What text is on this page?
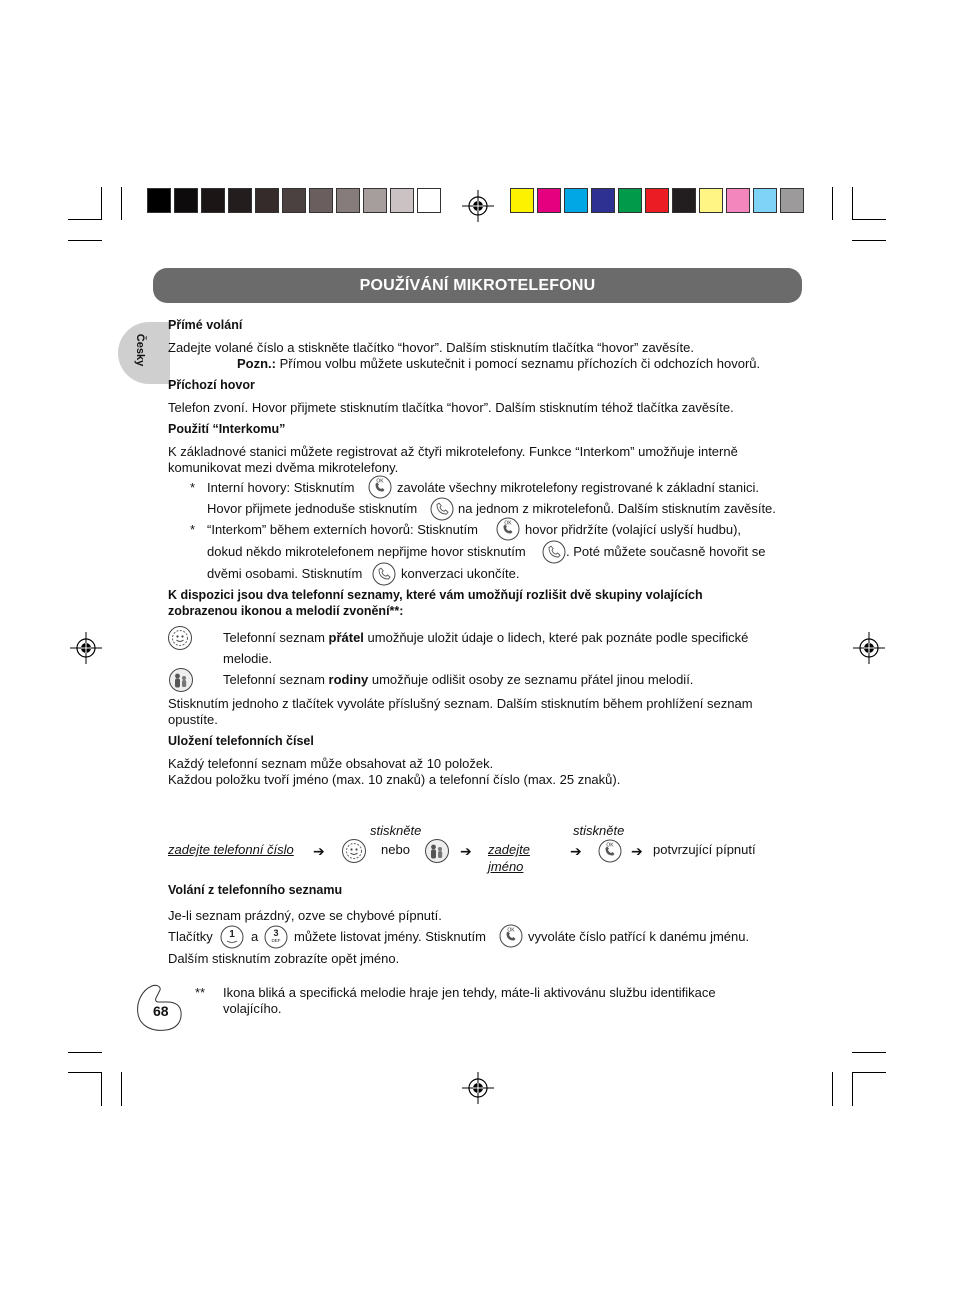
POUŽÍVÁNÍ MIKROTELEFONU
Česky
Přímé volání
Zadejte volané číslo a stiskněte tlačítko “hovor”. Dalším stisknutím tlačítka “hovor” zavěsíte.
Pozn.: Přímou volbu můžete uskutečnit i pomocí seznamu příchozích či odchozích hovorů.
Příchozí hovor
Telefon zvoní. Hovor přijmete stisknutím tlačítka “hovor”. Dalším stisknutím téhož tlačítka zavěsíte.
Použití “Interkomu”
K základnové stanici můžete registrovat až čtyři mikrotelefony. Funkce “Interkom” umožňuje interně
komunikovat mezi dvěma mikrotelefony.
* Interní hovory: Stisknutím	OK zavoláte všechny mikrotelefony registrované k základní stanici.
Hovor přijmete jednoduše stisknutím	na jednom z mikrotelefonů. Dalším stisknutím zavěsíte.
* “Interkom” během externích hovorů: Stisknutím	OK hovor přidržíte (volající uslyší hudbu),
dokud někdo mikrotelefonem nepřijme hovor stisknutím	. Poté můžete současně hovořit se
dvěmi osobami. Stisknutím	konverzaci ukončíte.
K dispozici jsou dva telefonní seznamy, které vám umožňují rozlišit dvě skupiny volajících
zobrazenou ikonou a melodií zvonění**:
Telefonní seznam přátel umožňuje uložit údaje o lidech, které pak poznáte podle specifické
melodie.
Telefonní seznam rodiny umožňuje odlišit osoby ze seznamu přátel jinou melodií.
Stisknutím jednoho z tlačítek vyvoláte příslušný seznam. Dalším stisknutím během prohlížení seznam
opustíte.
Uložení telefonních čísel
Každý telefonní seznam může obsahovat až 10 položek.
Každou položku tvoří jméno (max. 10 znaků) a telefonní číslo (max. 25 znaků).
stiskněte	stiskněte
zadejte telefonní číslo ➔	nebo	➔ zadejte
jméno
➔	OK ➔ potvrzující pípnutí
Volání z telefonního seznamu
Je-li seznam prázdný, ozve se chybové pípnutí.
Tlačítky 1 a 3
DEF můžete listovat jmény. Stisknutím	OK vyvoláte číslo patřící k danému jménu.
Dalším stisknutím zobrazíte opět jméno.
** Ikona bliká a specifická melodie hraje jen tehdy, máte-li aktivovánu službu identifikace
volajícího.
68
